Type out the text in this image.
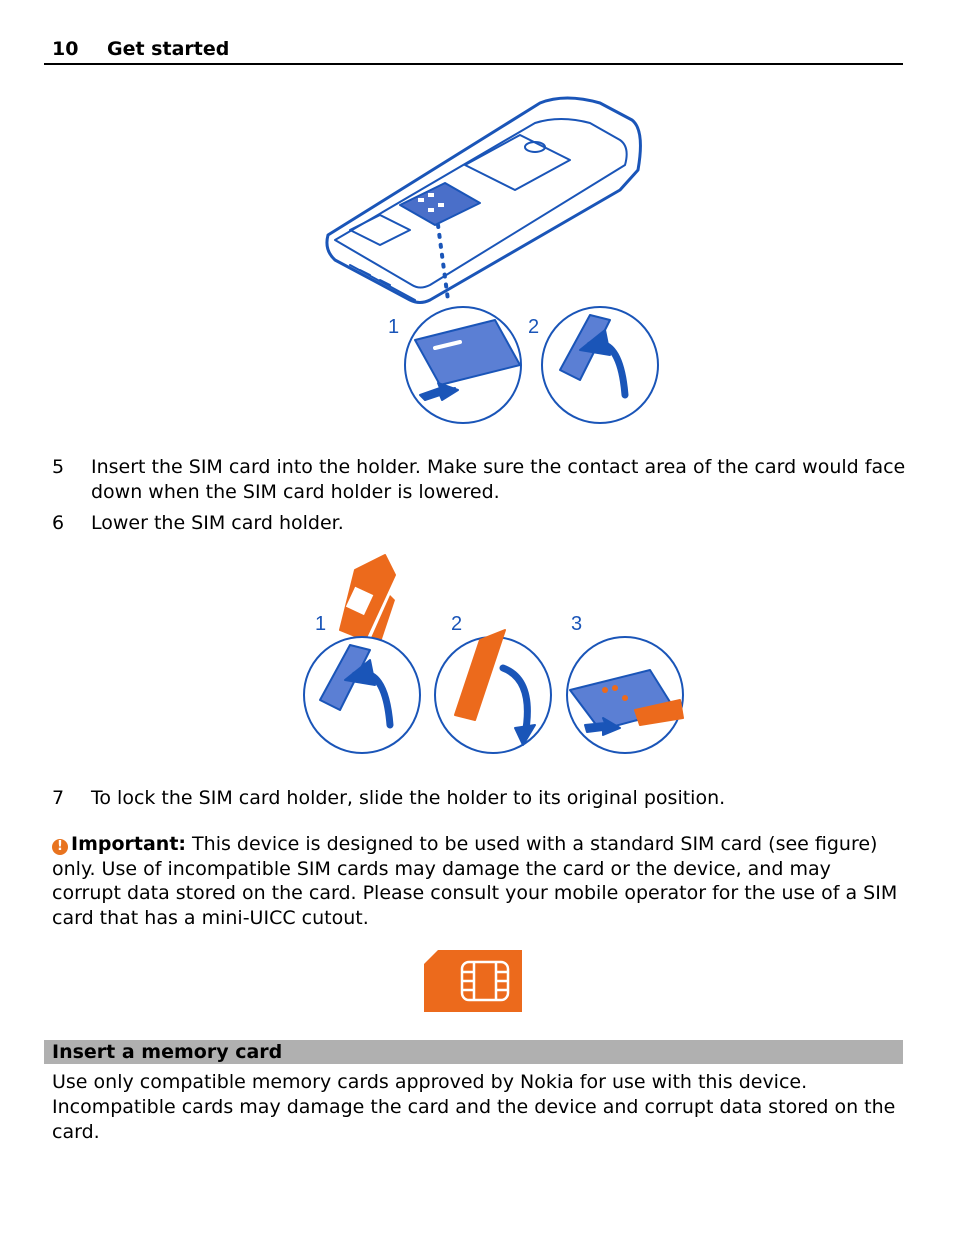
10 Get started
1	2
5 Insert the SIM card into the holder. Make sure the contact area of the card would face down when the SIM card holder is lowered.
6 Lower the SIM card holder.
1	2	3
7 To lock the SIM card holder, slide the holder to its original position.
! Important: This device is designed to be used with a standard SIM card (see figure) only. Use of incompatible SIM cards may damage the card or the device, and may corrupt data stored on the card. Please consult your mobile operator for the use of a SIM card that has a mini-UICC cutout.
Insert a memory card
Use only compatible memory cards approved by Nokia for use with this device. Incompatible cards may damage the card and the device and corrupt data stored on the card.
